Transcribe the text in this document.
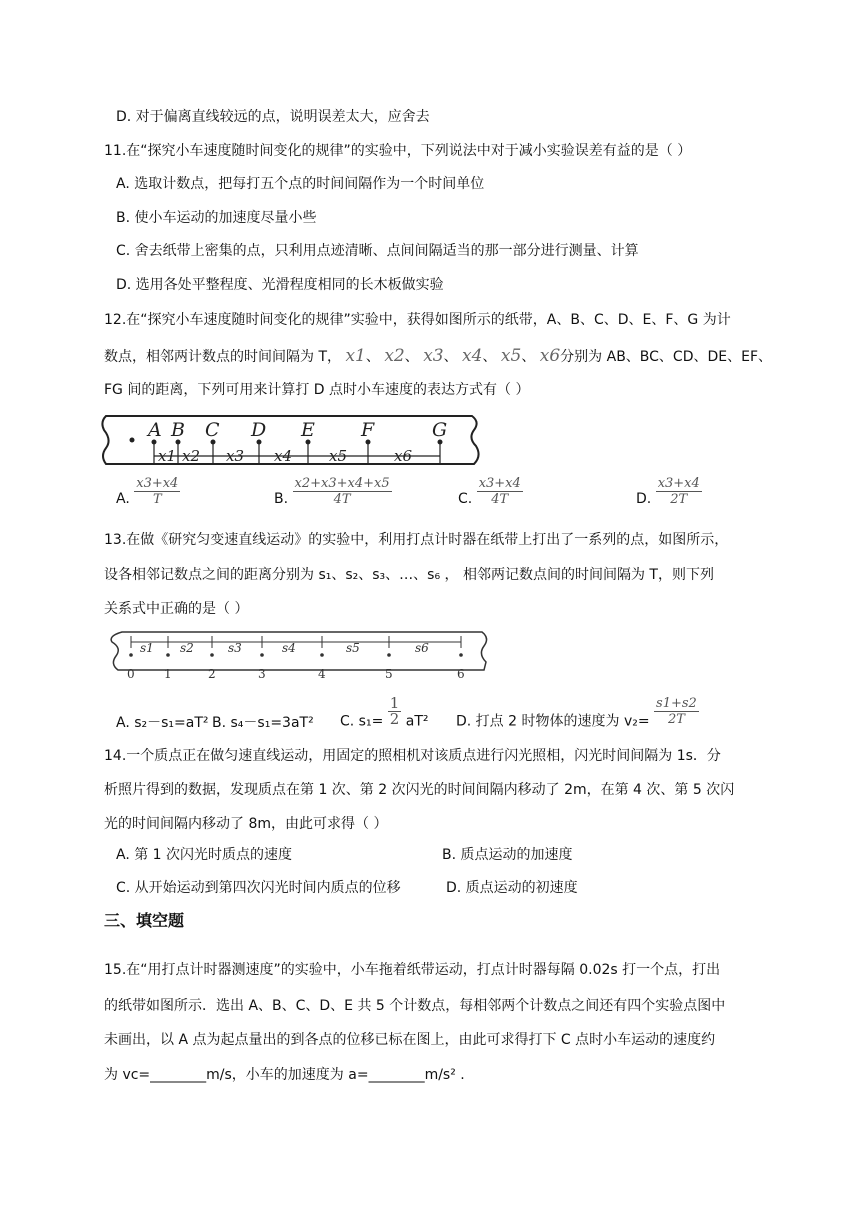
D. 对于偏离直线较远的点，说明误差太大，应舍去
11.在“探究小车速度随时间变化的规律”的实验中，下列说法中对于减小实验误差有益的是（ ）
A. 选取计数点，把每打五个点的时间间隔作为一个时间单位
B. 使小车运动的加速度尽量小些
C. 舍去纸带上密集的点，只利用点迹清晰、点间间隔适当的那一部分进行测量、计算
D. 选用各处平整程度、光滑程度相同的长木板做实验
12.在“探究小车速度随时间变化的规律”实验中，获得如图所示的纸带，A、B、C、D、E、F、G 为计
数点，相邻两计数点的时间间隔为 T， x1、 x2、 x3、 x4、 x5、 x6分别为 AB、BC、CD、DE、EF、
FG 间的距离，下列可用来计算打 D 点时小车速度的表达方式有（ ）
A B C D E F	G
x1 x2 x3 x4 x5	x6
A. $\frac{x3+x4}{T}$	B. $\frac{x2+x3+x4+x5}{4T}$	C. $\frac{x3+x4}{4T}$	D. $\frac{x3+x4}{2T}$
13.在做《研究匀变速直线运动》的实验中，利用打点计时器在纸带上打出了一系列的点，如图所示，
设各相邻记数点之间的距离分别为 s₁、s₂、s₃、…、s₆ ， 相邻两记数点间的时间间隔为 T，则下列
关系式中正确的是（ ）
s1 s2	s3	s4	s5	s6
0 1	2	3	4	5	6
A. s₂－s₁=aT² B. s₄－s₁=3aT² C. $s_1= \frac{1}{2} aT^2$ D. 打点 2 时物体的速度为 $v_2= \frac{s1+s2}{2T}$
14.一个质点正在做匀速直线运动，用固定的照相机对该质点进行闪光照相，闪光时间间隔为 1s．分
析照片得到的数据，发现质点在第 1 次、第 2 次闪光的时间间隔内移动了 2m，在第 4 次、第 5 次闪
光的时间间隔内移动了 8m，由此可求得（ ）
A. 第 1 次闪光时质点的速度	B. 质点运动的加速度
C. 从开始运动到第四次闪光时间内质点的位移	D. 质点运动的初速度
三、填空题
15.在“用打点计时器测速度”的实验中，小车拖着纸带运动，打点计时器每隔 0.02s 打一个点，打出
的纸带如图所示．选出 A、B、C、D、E 共 5 个计数点，每相邻两个计数点之间还有四个实验点图中
未画出，以 A 点为起点量出的到各点的位移已标在图上，由此可求得打下 C 点时小车运动的速度约
为 vc=________m/s，小车的加速度为 a=________m/s² .
